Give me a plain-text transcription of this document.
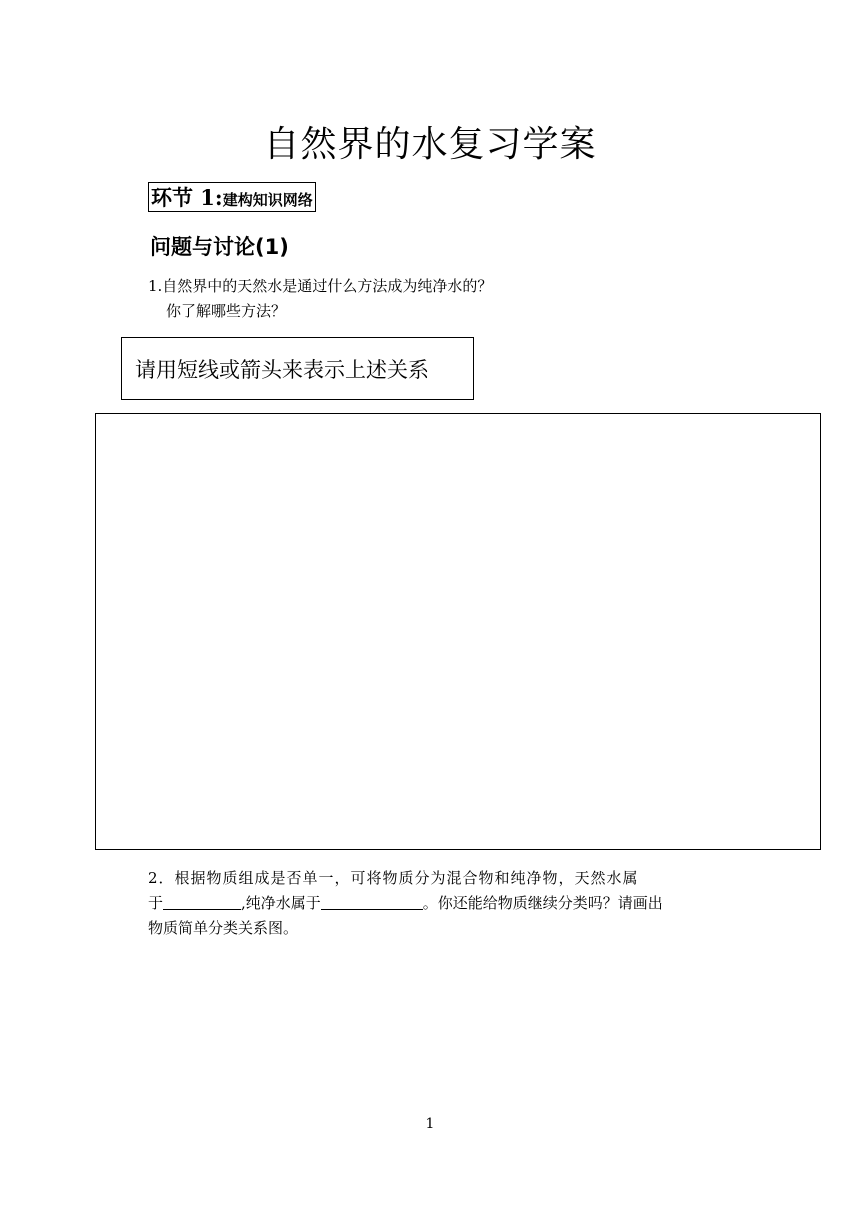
自然界的水复习学案
环节 1: 建构知识网络
问题与讨论(1)
1.自然界中的天然水是通过什么方法成为纯净水的？
你了解哪些方法？
请用短线或箭头来表示上述关系
2．根据物质组成是否单一，可将物质分为混合物和纯净物，天然水属
于	,纯净水属于	。你还能给物质继续分类吗？请画出
物质简单分类关系图。
1
